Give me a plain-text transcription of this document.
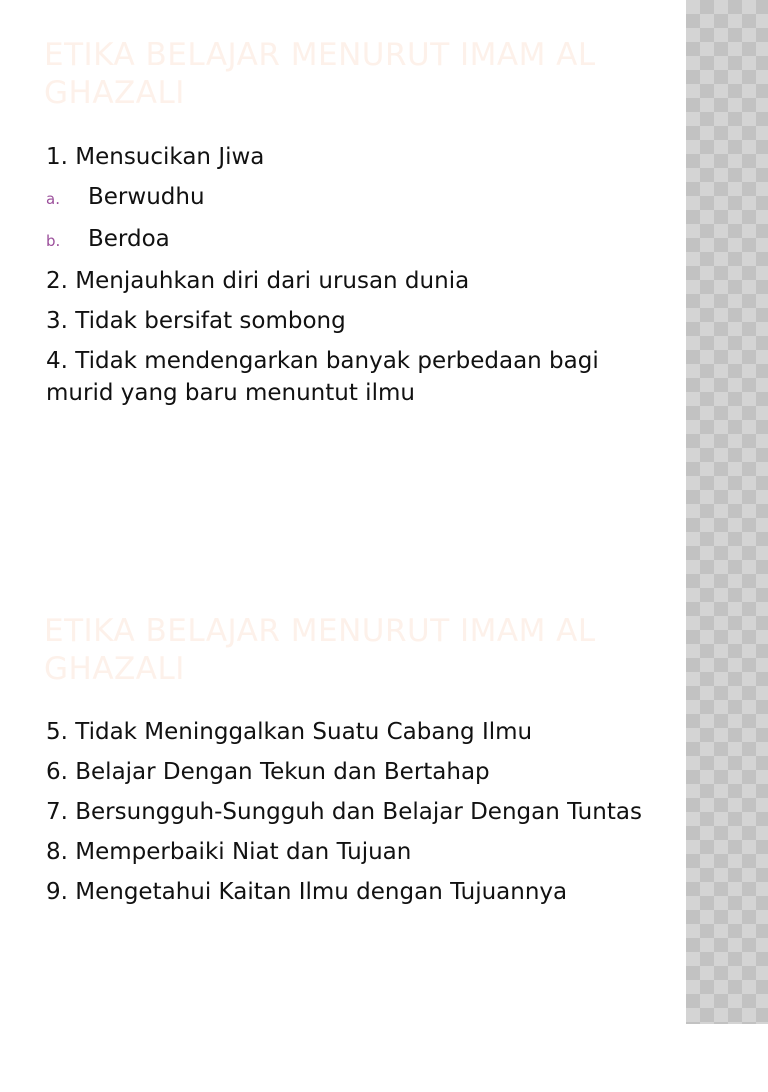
ETIKA BELAJAR MENURUT IMAM AL GHAZALI
1. Mensucikan Jiwa
a.	Berwudhu
b.	Berdoa
2. Menjauhkan diri dari urusan dunia
3. Tidak bersifat sombong
4. Tidak mendengarkan banyak perbedaan bagi murid yang baru menuntut ilmu
ETIKA BELAJAR MENURUT IMAM AL GHAZALI
5. Tidak Meninggalkan Suatu Cabang Ilmu
6. Belajar Dengan Tekun dan Bertahap
7. Bersungguh-Sungguh dan Belajar Dengan Tuntas
8. Memperbaiki Niat dan Tujuan
9. Mengetahui Kaitan Ilmu dengan Tujuannya
